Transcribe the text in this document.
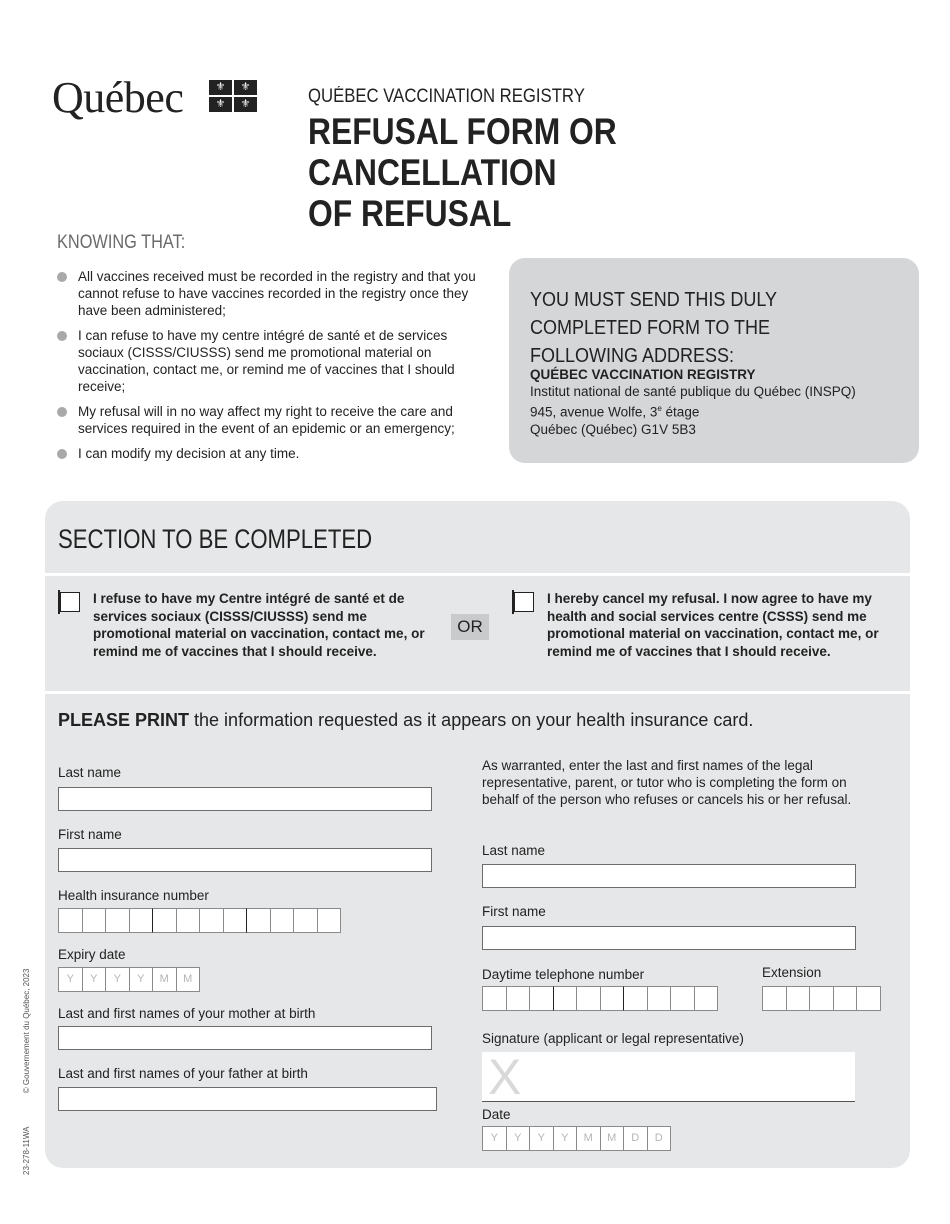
Québec	⚜	⚜
⚜	⚜	QUÉBEC VACCINATION REGISTRY
REFUSAL FORM OR CANCELLATION
OF REFUSAL
KNOWING THAT:
All vaccines received must be recorded in the registry and that you cannot refuse to have vaccines recorded in the registry once they have been administered;
I can refuse to have my centre intégré de santé et de services sociaux (CISSS/CIUSSS) send me promotional material on vaccination, contact me, or remind me of vaccines that I should receive;
My refusal will in no way affect my right to receive the care and services required in the event of an epidemic or an emergency;
I can modify my decision at any time.
YOU MUST SEND THIS DULY COMPLETED FORM TO THE FOLLOWING ADDRESS:
QUÉBEC VACCINATION REGISTRY
Institut national de santé publique du Québec (INSPQ)
945, avenue Wolfe, 3e étage
Québec (Québec) G1V 5B3
SECTION TO BE COMPLETED
I refuse to have my Centre intégré de santé et de services sociaux (CISSS/CIUSSS) send me promotional material on vaccination, contact me, or remind me of vaccines that I should receive.
OR
I hereby cancel my refusal. I now agree to have my health and social services centre (CSSS) send me promotional material on vaccination, contact me, or remind me of vaccines that I should receive.
PLEASE PRINT the information requested as it appears on your health insurance card.
Last name
First name
Health insurance number
Expiry date
Y	Y	Y	Y	M	M
Last and first names of your mother at birth
Last and first names of your father at birth
As warranted, enter the last and first names of the legal representative, parent, or tutor who is completing the form on behalf of the person who refuses or cancels his or her refusal.
Last name
First name
Daytime telephone number	Extension
Signature (applicant or legal representative)
X
Date
Y	Y	Y	Y	M	M	D	D
23-278-11WA               © Gouvernement du Québec, 2023
